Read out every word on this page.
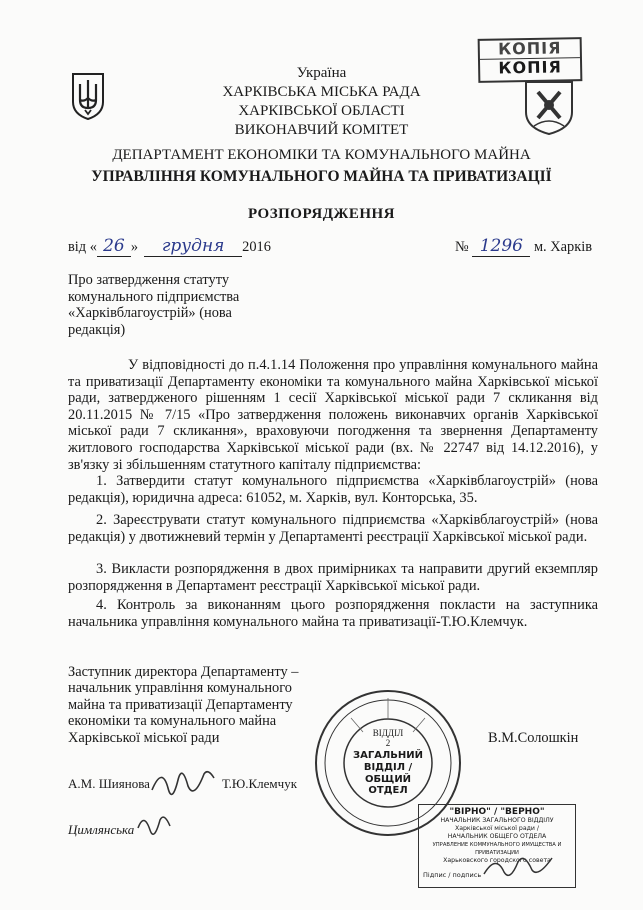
Україна
ХАРКІВСЬКА МІСЬКА РАДА
ХАРКІВСЬКОЇ ОБЛАСТІ
ВИКОНАВЧИЙ КОМІТЕТ
КОПІЯ
КОПІЯ
ДЕПАРТАМЕНТ ЕКОНОМІКИ ТА КОМУНАЛЬНОГО МАЙНА
УПРАВЛІННЯ КОМУНАЛЬНОГО МАЙНА ТА ПРИВАТИЗАЦІЇ
РОЗПОРЯДЖЕННЯ
від « 26 » грудня 2016	№ 1296 м. Харків
Про затвердження статуту
комунального підприємства
«Харківблагоустрій» (нова
редакція)
У відповідності до п.4.1.14 Положення про управління комунального майна та приватизації Департаменту економіки та комунального майна Харківської міської ради, затвердженого рішенням 1 сесії Харківської міської ради 7 скликання від 20.11.2015 № 7/15 «Про затвердження положень виконавчих органів Харківської міської ради 7 скликання», враховуючи погодження та звернення Департаменту житлового господарства Харківської міської ради (вх. № 22747 від 14.12.2016), у зв'язку зі збільшенням статутного капіталу підприємства:
1. Затвердити статут комунального підприємства «Харківблагоустрій» (нова редакція), юридична адреса: 61052, м. Харків, вул. Конторська, 35.
2. Зареєструвати статут комунального підприємства «Харківблагоустрій» (нова редакція) у двотижневий термін у Департаменті реєстрації Харківської міської ради.
3. Викласти розпорядження в двох примірниках та направити другий екземпляр розпорядження в Департамент реєстрації Харківської міської ради.
4. Контроль за виконанням цього розпорядження покласти на заступника начальника управління комунального майна та приватизації-Т.Ю.Клемчук.
Заступник директора Департаменту –
начальник управління комунального
майна та приватизації Департаменту
економіки та комунального майна
Харківської міської ради	В.М.Солошкін
ВІДДІЛ
2
ЗАГАЛЬНИЙ
ВІДДІЛ /
ОБЩИЙ ОТДЕЛ
А.М. Шиянова	Т.Ю.Клемчук
Цимлянська
"ВІРНО" / "ВЕРНО"
НАЧАЛЬНИК ЗАГАЛЬНОГО ВІДДІЛУ
Харківської міської ради /
НАЧАЛЬНИК ОБЩЕГО ОТДЕЛА
УПРАВЛЕНИЕ КОММУНАЛЬНОГО ИМУЩЕСТВА И ПРИВАТИЗАЦИИ
Харьковского городского совета
Підпис / подпись
